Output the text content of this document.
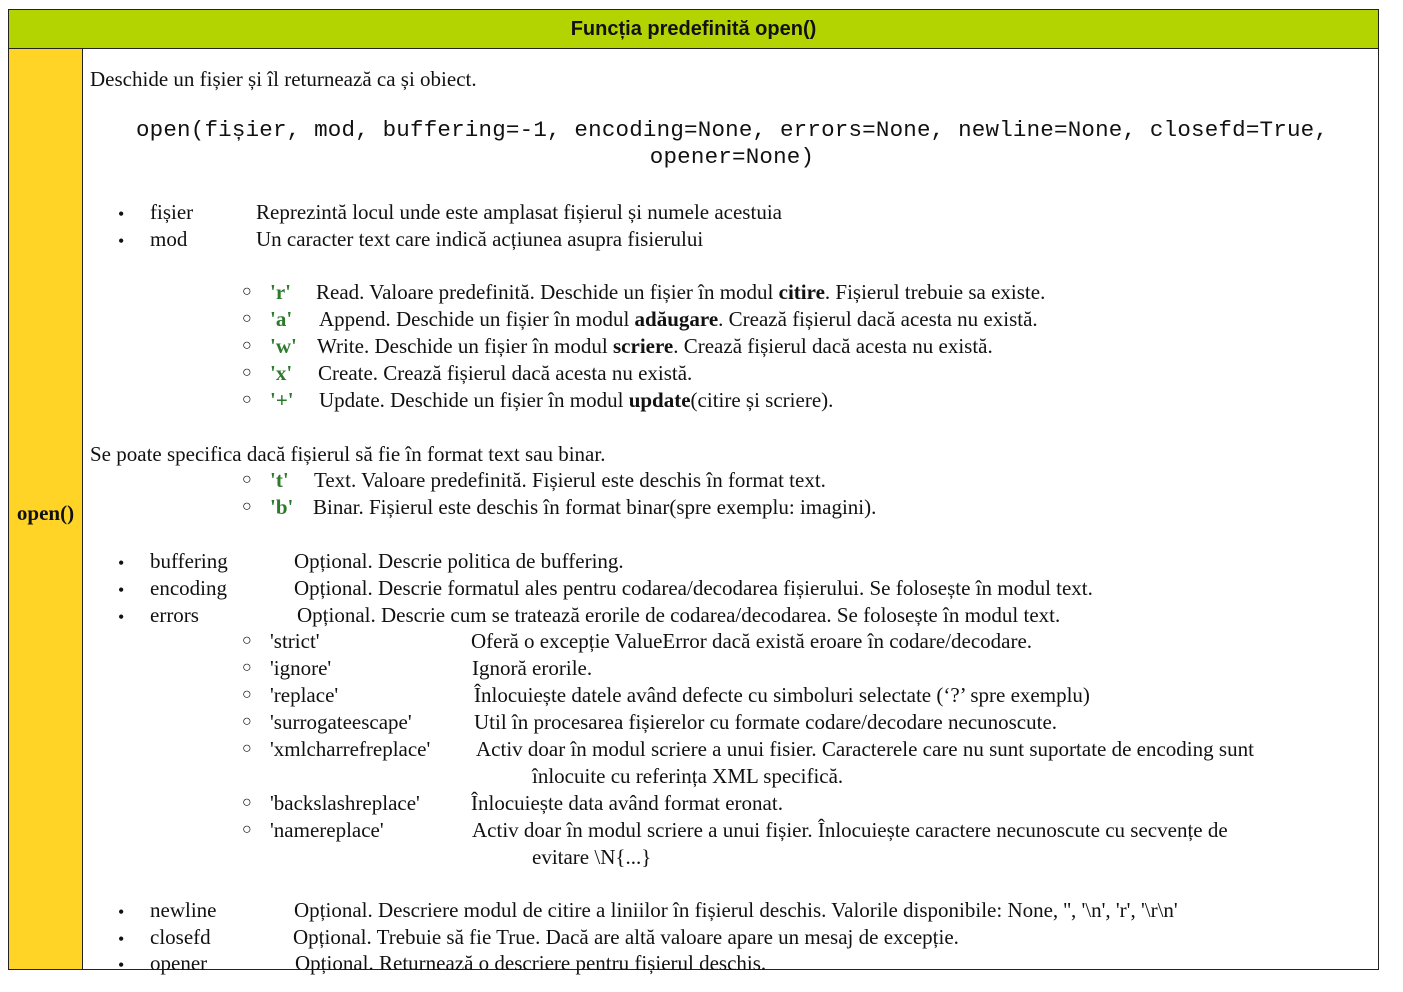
Funcția predefinită open()
open()
Deschide un fișier și îl returnează ca și obiect.
open(fișier, mod, buffering=-1, encoding=None, errors=None, newline=None, closefd=True,
opener=None)
• fișier	Reprezintă locul unde este amplasat fișierul și numele acestuia
• mod	Un caracter text care indică acțiunea asupra fisierului
○ 'r' Read. Valoare predefinită. Deschide un fișier în modul citire. Fișierul trebuie sa existe.
○ 'a' Append. Deschide un fișier în modul adăugare. Crează fișierul dacă acesta nu există.
○ 'w' Write. Deschide un fișier în modul scriere. Crează fișierul dacă acesta nu există.
○ 'x' Create. Crează fișierul dacă acesta nu există.
○ '+' Update. Deschide un fișier în modul update(citire și scriere).
Se poate specifica dacă fișierul să fie în format text sau binar.
○ 't' Text. Valoare predefinită. Fișierul este deschis în format text.
○ 'b' Binar. Fișierul este deschis în format binar(spre exemplu: imagini).
• buffering	Opțional. Descrie politica de buffering.
• encoding	Opțional. Descrie formatul ales pentru codarea/decodarea fișierului. Se folosește în modul text.
• errors	Opțional. Descrie cum se tratează erorile de codarea/decodarea. Se folosește în modul text.
○ 'strict'	Oferă o excepție ValueError dacă există eroare în codare/decodare.
○ 'ignore'	Ignoră erorile.
○ 'replace'	Înlocuiește datele având defecte cu simboluri selectate (‘?’ spre exemplu)
○ 'surrogateescape'	Util în procesarea fișierelor cu formate codare/decodare necunoscute.
○ 'xmlcharrefreplace' Activ doar în modul scriere a unui fisier. Caracterele care nu sunt suportate de encoding sunt
înlocuite cu referința XML specifică.
○ 'backslashreplace' Înlocuiește data având format eronat.
○ 'namereplace'	Activ doar în modul scriere a unui fișier. Înlocuiește caractere necunoscute cu secvențe de
evitare \N{...}
• newline	Opțional. Descriere modul de citire a liniilor în fișierul deschis. Valorile disponibile: None, '', '\n', 'r', '\r\n'
• closefd	Opțional. Trebuie să fie True. Dacă are altă valoare apare un mesaj de excepție.
• opener	Opțional. Returnează o descriere pentru fișierul deschis.
